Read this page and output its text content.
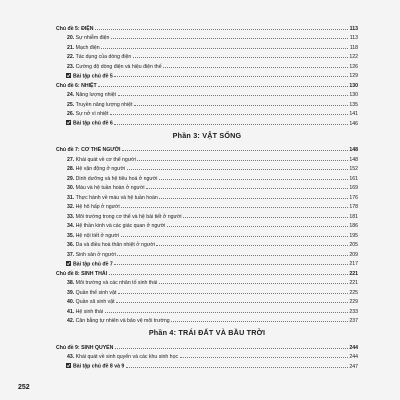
Chủ đề 5: ĐIỆN	113
20. Sự nhiễm điện	113
21. Mạch điện	118
22. Tác dụng của dòng điện	122
23. Cường độ dòng điện và hiệu điện thế	126
Bài tập chủ đề 5	129
Chủ đề 6: NHIỆT	130
24. Năng lượng nhiệt	130
25. Truyền năng lượng nhiệt	135
26. Sự nở vì nhiệt	141
Bài tập chủ đề 6	146
Phần 3: VẬT SỐNG
Chủ đề 7: CƠ THỂ NGƯỜI	148
27. Khái quát về cơ thể người	148
28. Hệ vận động ở người	152
29. Dinh dưỡng và hệ tiêu hoá ở người	161
30. Máu và hệ tuần hoàn ở người	169
31. Thực hành về máu và hệ tuần hoàn	176
32. Hệ hô hấp ở người	178
33. Môi trường trong cơ thể và hệ bài tiết ở người	181
34. Hệ thần kinh và các giác quan ở người	186
35. Hệ nội tiết ở người	195
36. Da và điều hoà thân nhiệt ở người	205
37. Sinh sản ở người	209
Bài tập chủ đề 7	217
Chủ đề 8: SINH THÁI	221
38. Môi trường và các nhân tố sinh thái	221
39. Quần thể sinh vật	225
40. Quần xã sinh vật	229
41. Hệ sinh thái	233
42. Cân bằng tự nhiên và bảo vệ môi trường	237
Phần 4: TRÁI ĐẤT VÀ BẦU TRỜI
Chủ đề 9: SINH QUYỂN	244
43. Khái quát về sinh quyển và các khu sinh học	244
Bài tập chủ đề 8 và 9	247
252
